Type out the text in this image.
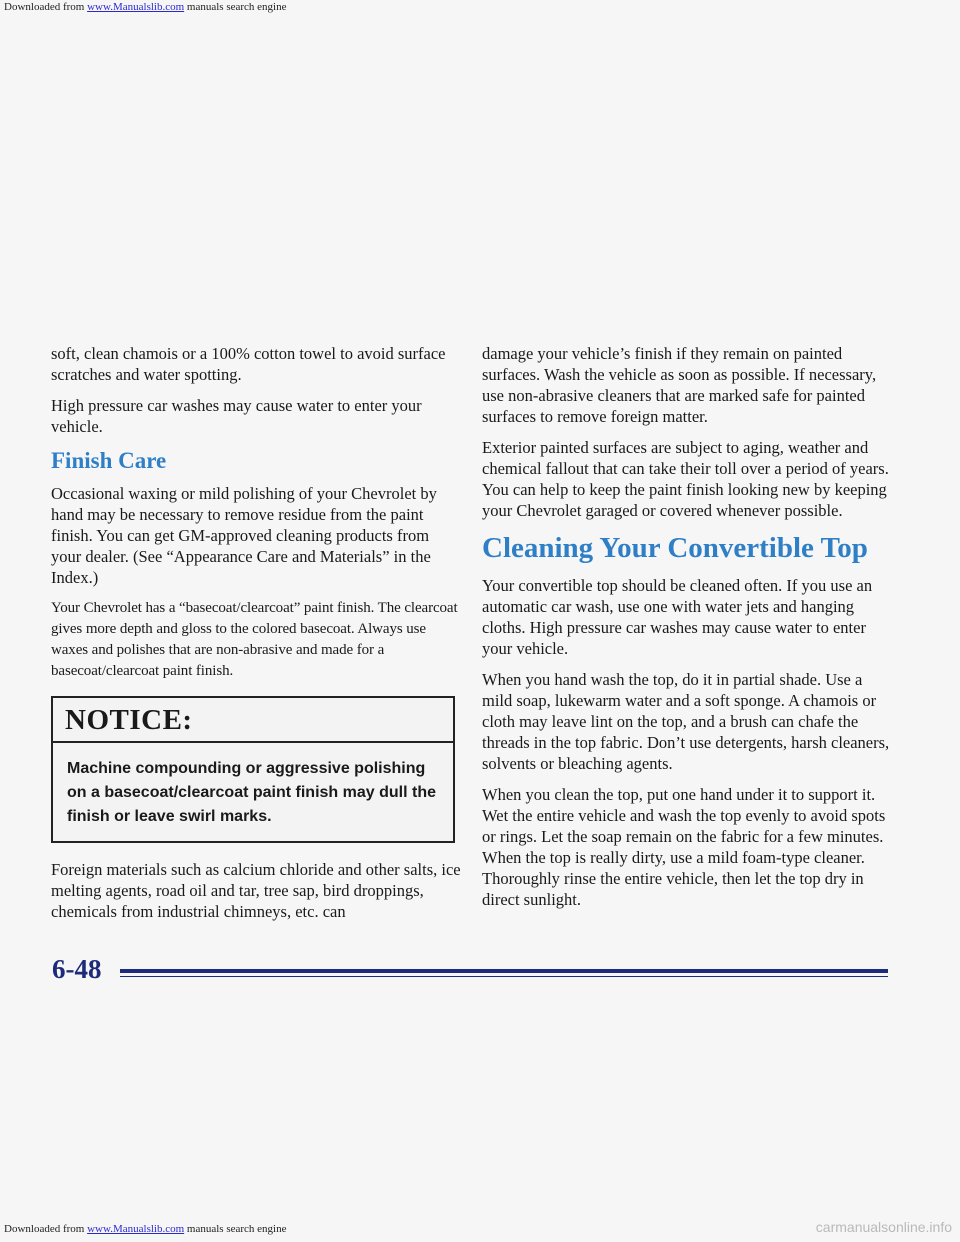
Downloaded from www.Manualslib.com manuals search engine

soft, clean chamois or a 100% cotton towel to avoid surface scratches and water spotting.

High pressure car washes may cause water to enter your vehicle.

Finish Care

Occasional waxing or mild polishing of your Chevrolet by hand may be necessary to remove residue from the paint finish. You can get GM-approved cleaning products from your dealer. (See “Appearance Care and Materials” in the Index.)

Your Chevrolet has a “basecoat/clearcoat” paint finish. The clearcoat gives more depth and gloss to the colored basecoat. Always use waxes and polishes that are non-abrasive and made for a basecoat/clearcoat paint finish.

NOTICE:
Machine compounding or aggressive polishing on a basecoat/clearcoat paint finish may dull the finish or leave swirl marks.

Foreign materials such as calcium chloride and other salts, ice melting agents, road oil and tar, tree sap, bird droppings, chemicals from industrial chimneys, etc. can

damage your vehicle’s finish if they remain on painted surfaces. Wash the vehicle as soon as possible. If necessary, use non-abrasive cleaners that are marked safe for painted surfaces to remove foreign matter.

Exterior painted surfaces are subject to aging, weather and chemical fallout that can take their toll over a period of years. You can help to keep the paint finish looking new by keeping your Chevrolet garaged or covered whenever possible.

Cleaning Your Convertible Top

Your convertible top should be cleaned often. If you use an automatic car wash, use one with water jets and hanging cloths. High pressure car washes may cause water to enter your vehicle.

When you hand wash the top, do it in partial shade. Use a mild soap, lukewarm water and a soft sponge. A chamois or cloth may leave lint on the top, and a brush can chafe the threads in the top fabric. Don’t use detergents, harsh cleaners, solvents or bleaching agents.

When you clean the top, put one hand under it to support it. Wet the entire vehicle and wash the top evenly to avoid spots or rings. Let the soap remain on the fabric for a few minutes. When the top is really dirty, use a mild foam-type cleaner. Thoroughly rinse the entire vehicle, then let the top dry in direct sunlight.

6-48
Downloaded from www.Manualslib.com manuals search engine	carmanualsonline.info
